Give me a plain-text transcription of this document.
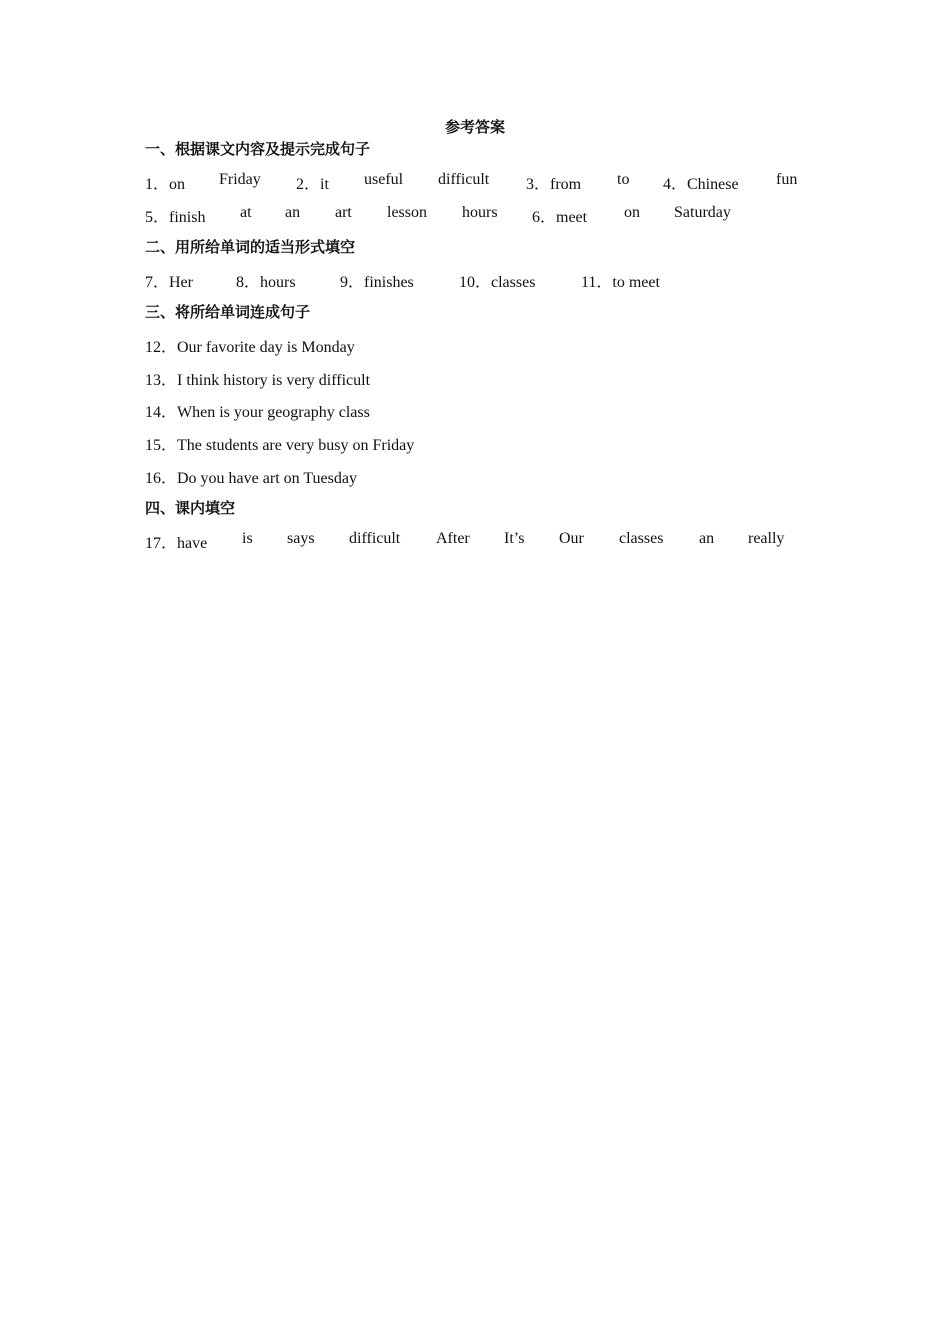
参考答案
一、根据课文内容及提示完成句子
1．on Friday 2．it useful difficult 3．from to 4．Chinese fun
5．finish at an art lesson hours 6．meet on Saturday
二、用所给单词的适当形式填空
7．Her	8．hours	9．finishes	10．classes	11．to meet
三、将所给单词连成句子
12．Our favorite day is Monday
13．I think history is very difficult
14．When is your geography class
15．The students are very busy on Friday
16．Do you have art on Tuesday
四、课内填空
17．have is says difficult After It’s Our classes an really
